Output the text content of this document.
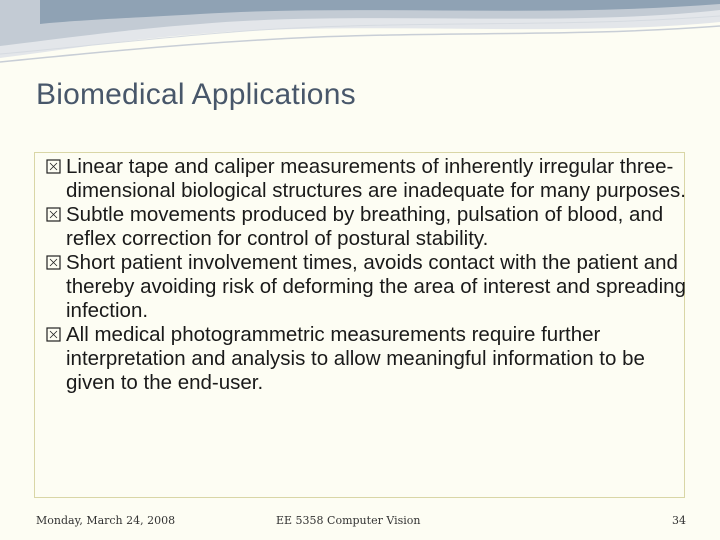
Biomedical Applications
Linear tape and caliper measurements of inherently irregular three-dimensional biological structures are inadequate for many purposes.
Subtle movements produced by breathing, pulsation of blood, and reflex correction for control of postural stability.
Short patient involvement times, avoids contact with the patient and thereby avoiding risk of deforming the area of interest and spreading infection.
All medical photogrammetric measurements require further interpretation and analysis to allow meaningful information to be given to the end-user.
Monday, March 24, 2008	EE 5358 Computer Vision	34
